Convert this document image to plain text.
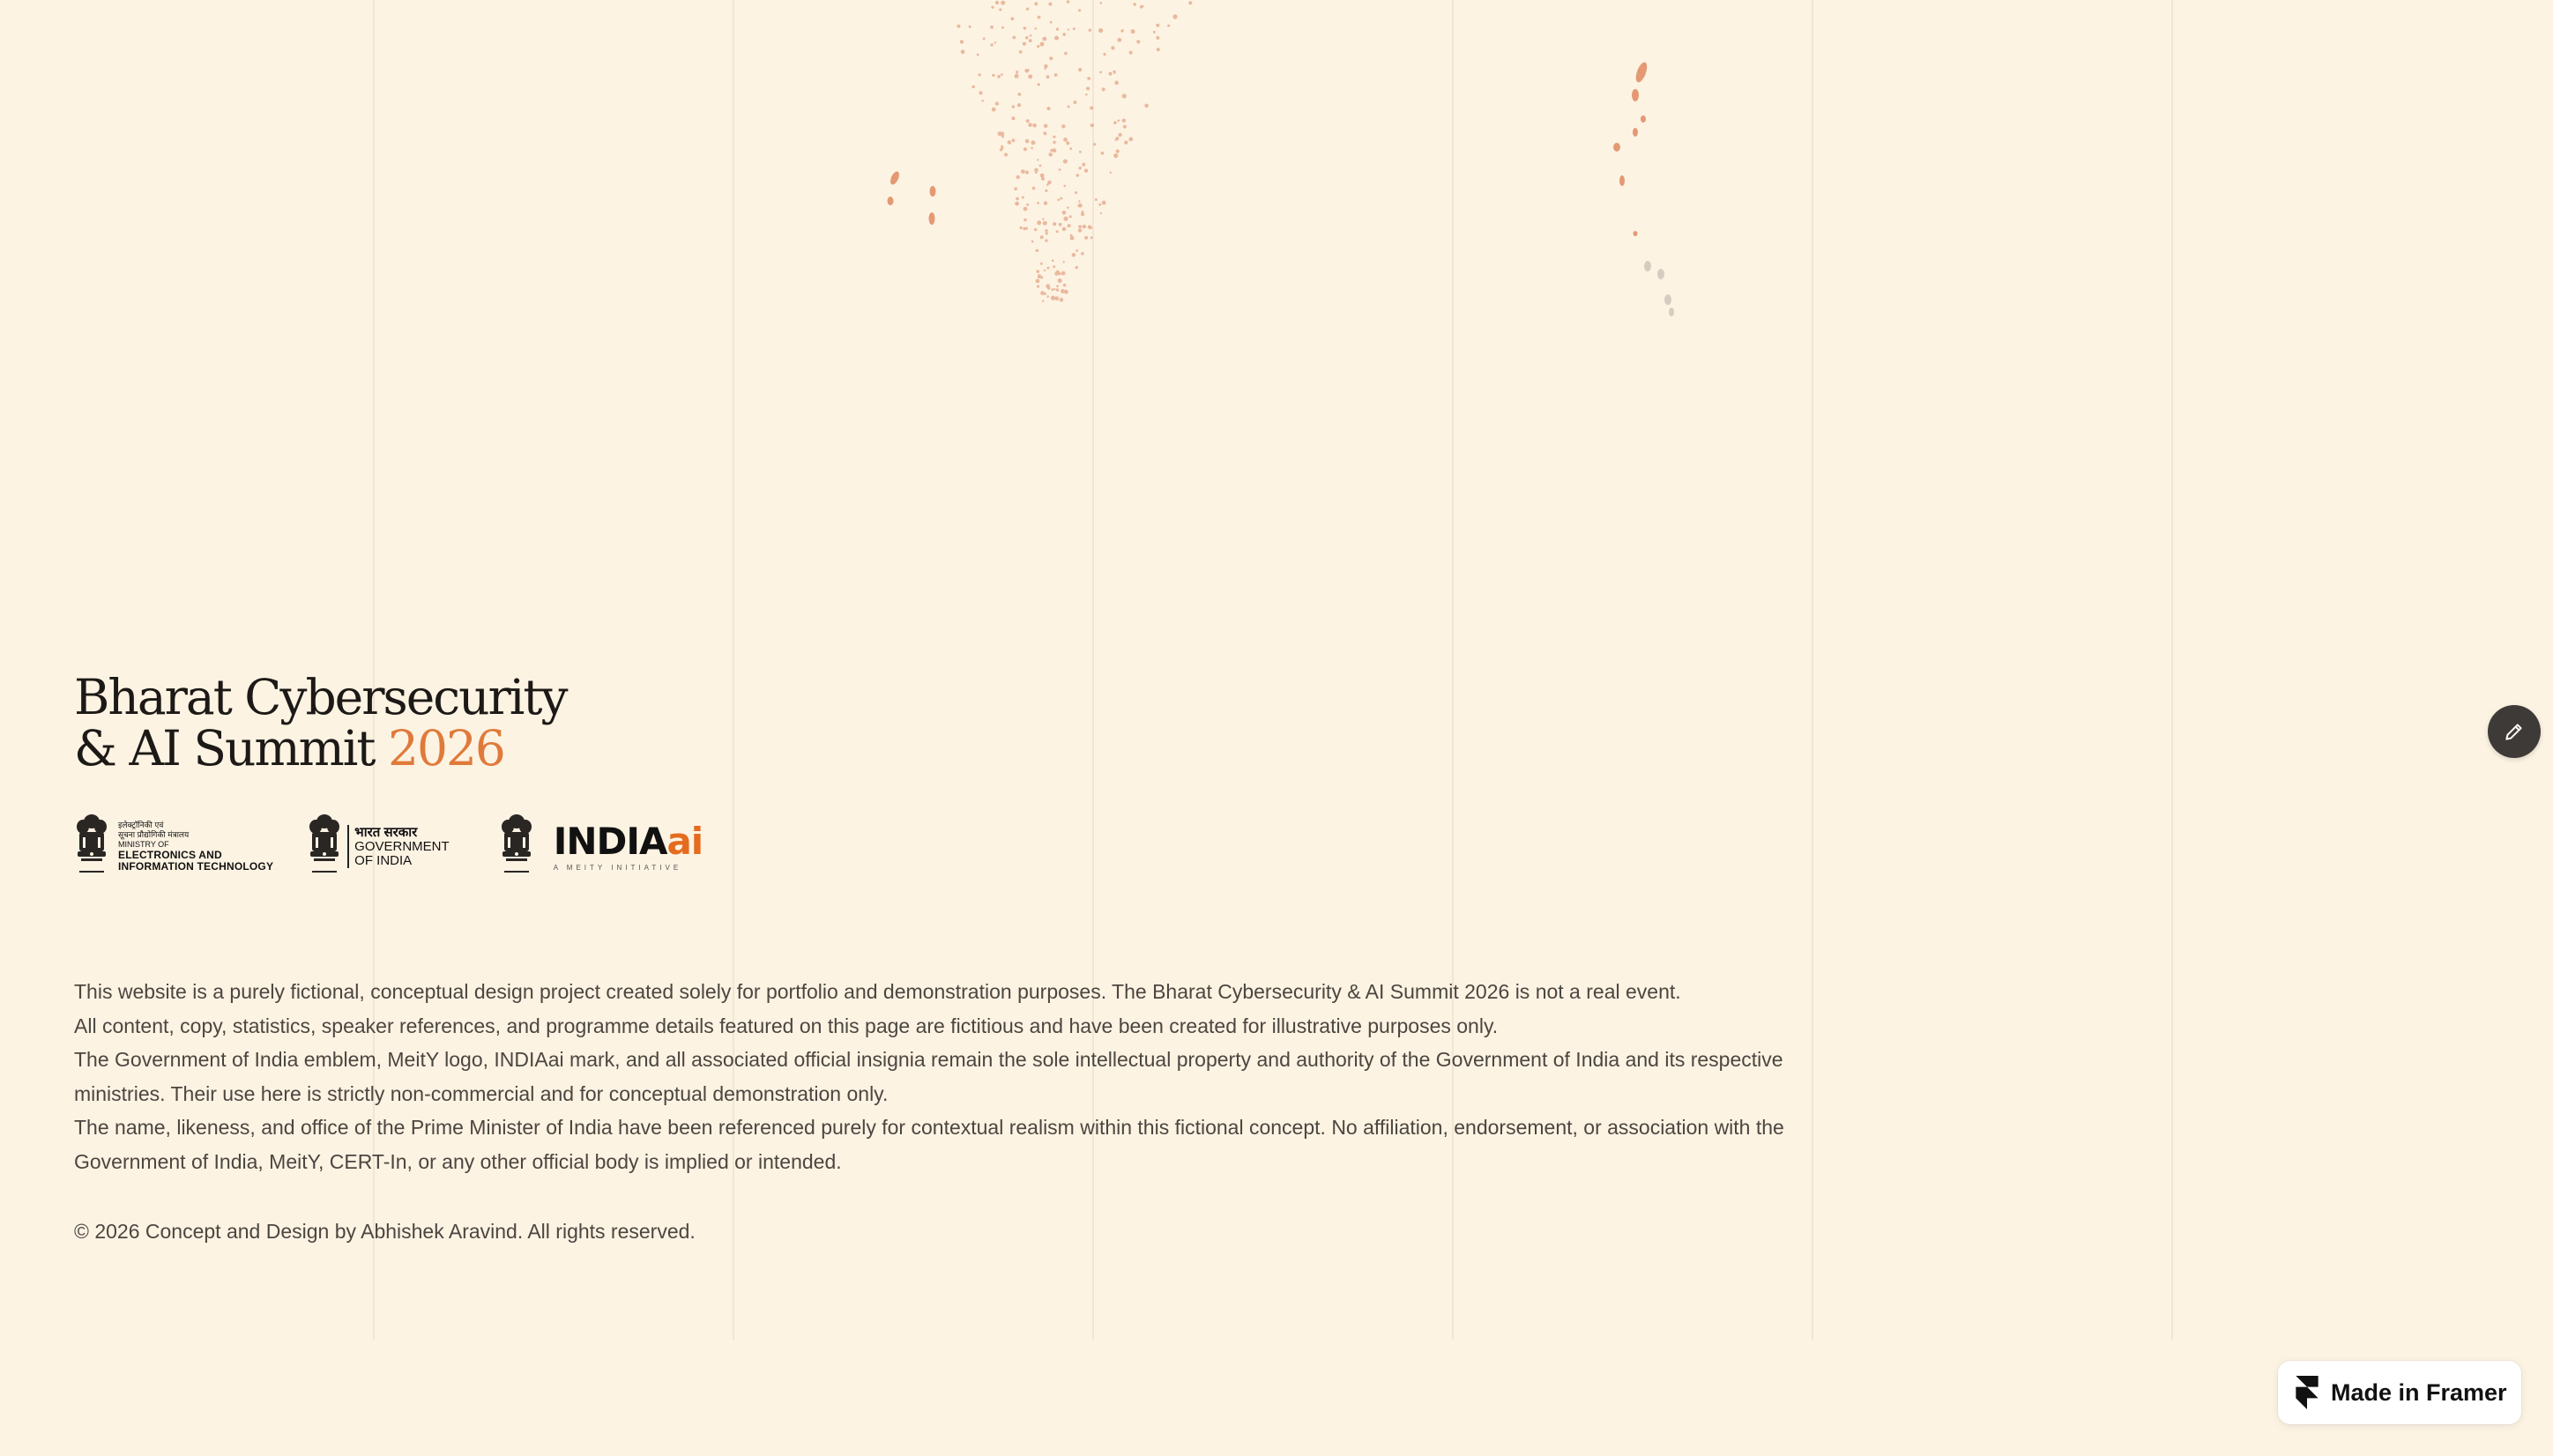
Bharat Cybersecurity
& AI Summit 2026
इलेक्ट्रॉनिकी एवं
सूचना प्रौद्योगिकी मंत्रालय
MINISTRY OF
ELECTRONICS AND
INFORMATION TECHNOLOGY
भारत सरकार
GOVERNMENT
OF INDIA	INDIAai
A MEITY INITIATIVE

This website is a purely fictional, conceptual design project created solely for portfolio and demonstration purposes. The Bharat Cybersecurity & AI Summit 2026 is not a real event.

All content, copy, statistics, speaker references, and programme details featured on this page are fictitious and have been created for illustrative purposes only.

The Government of India emblem, MeitY logo, INDIAai mark, and all associated official insignia remain the sole intellectual property and authority of the Government of India and its respective ministries. Their use here is strictly non-commercial and for conceptual demonstration only.

The name, likeness, and office of the Prime Minister of India have been referenced purely for contextual realism within this fictional concept. No affiliation, endorsement, or association with the Government of India, MeitY, CERT-In, or any other official body is implied or intended.

© 2026 Concept and Design by Abhishek Aravind. All rights reserved.

Made in Framer
